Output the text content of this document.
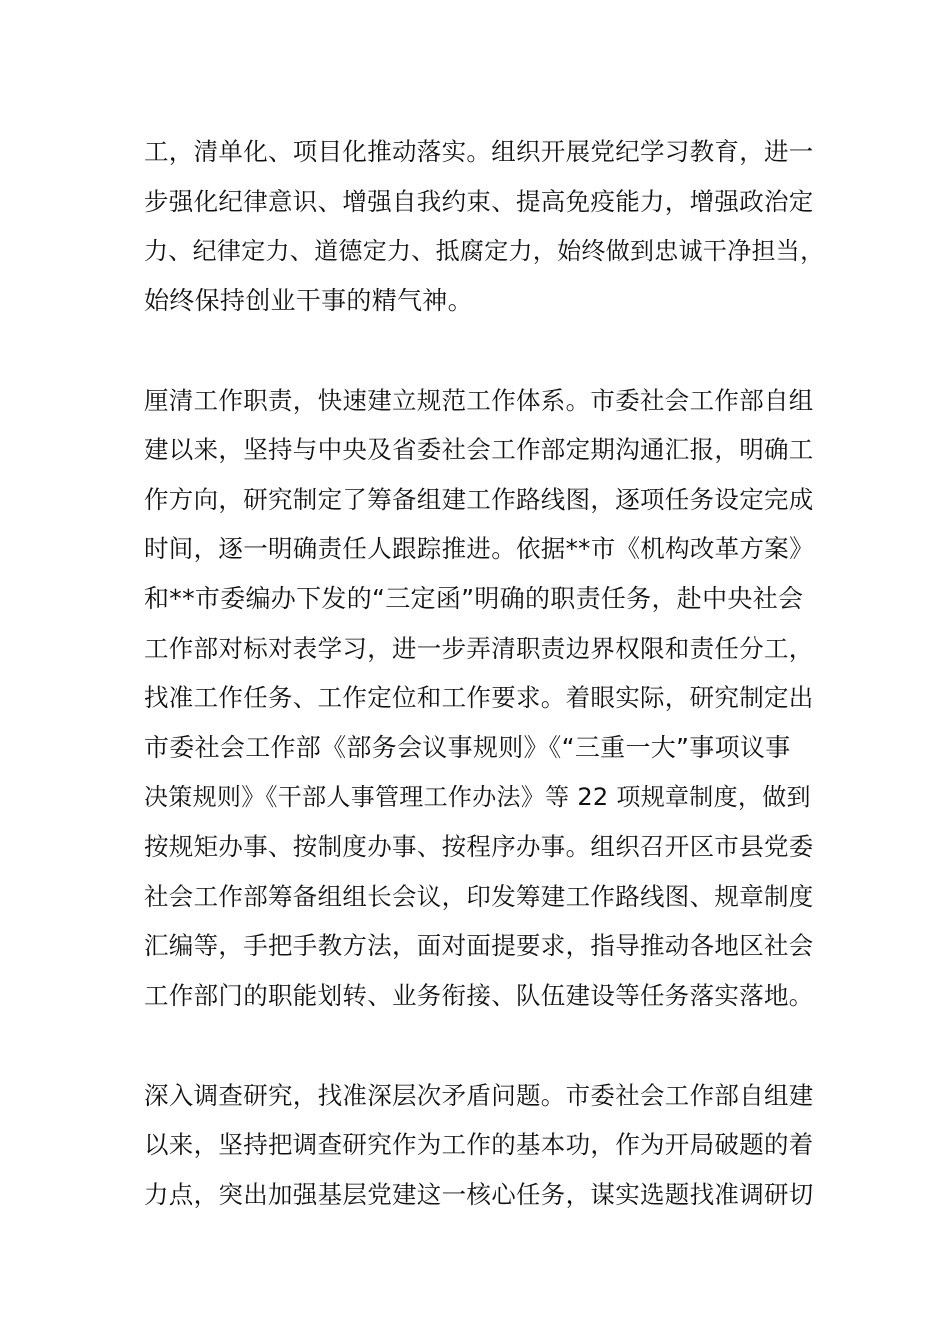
工，清单化、项目化推动落实。组织开展党纪学习教育，进一
步强化纪律意识、增强自我约束、提高免疫能力，增强政治定
力、纪律定力、道德定力、抵腐定力，始终做到忠诚干净担当，
始终保持创业干事的精气神。
厘清工作职责，快速建立规范工作体系。市委社会工作部自组
建以来，坚持与中央及省委社会工作部定期沟通汇报，明确工
作方向，研究制定了筹备组建工作路线图，逐项任务设定完成
时间，逐一明确责任人跟踪推进。依据**市《机构改革方案》
和**市委编办下发的“三定函”明确的职责任务，赴中央社会
工作部对标对表学习，进一步弄清职责边界权限和责任分工，
找准工作任务、工作定位和工作要求。着眼实际，研究制定出
市委社会工作部《部务会议事规则》《“三重一大”事项议事
决策规则》《干部人事管理工作办法》等 22 项规章制度，做到
按规矩办事、按制度办事、按程序办事。组织召开区市县党委
社会工作部筹备组组长会议，印发筹建工作路线图、规章制度
汇编等，手把手教方法，面对面提要求，指导推动各地区社会
工作部门的职能划转、业务衔接、队伍建设等任务落实落地。
深入调查研究，找准深层次矛盾问题。市委社会工作部自组建
以来，坚持把调查研究作为工作的基本功，作为开局破题的着
力点，突出加强基层党建这一核心任务，谋实选题找准调研切
